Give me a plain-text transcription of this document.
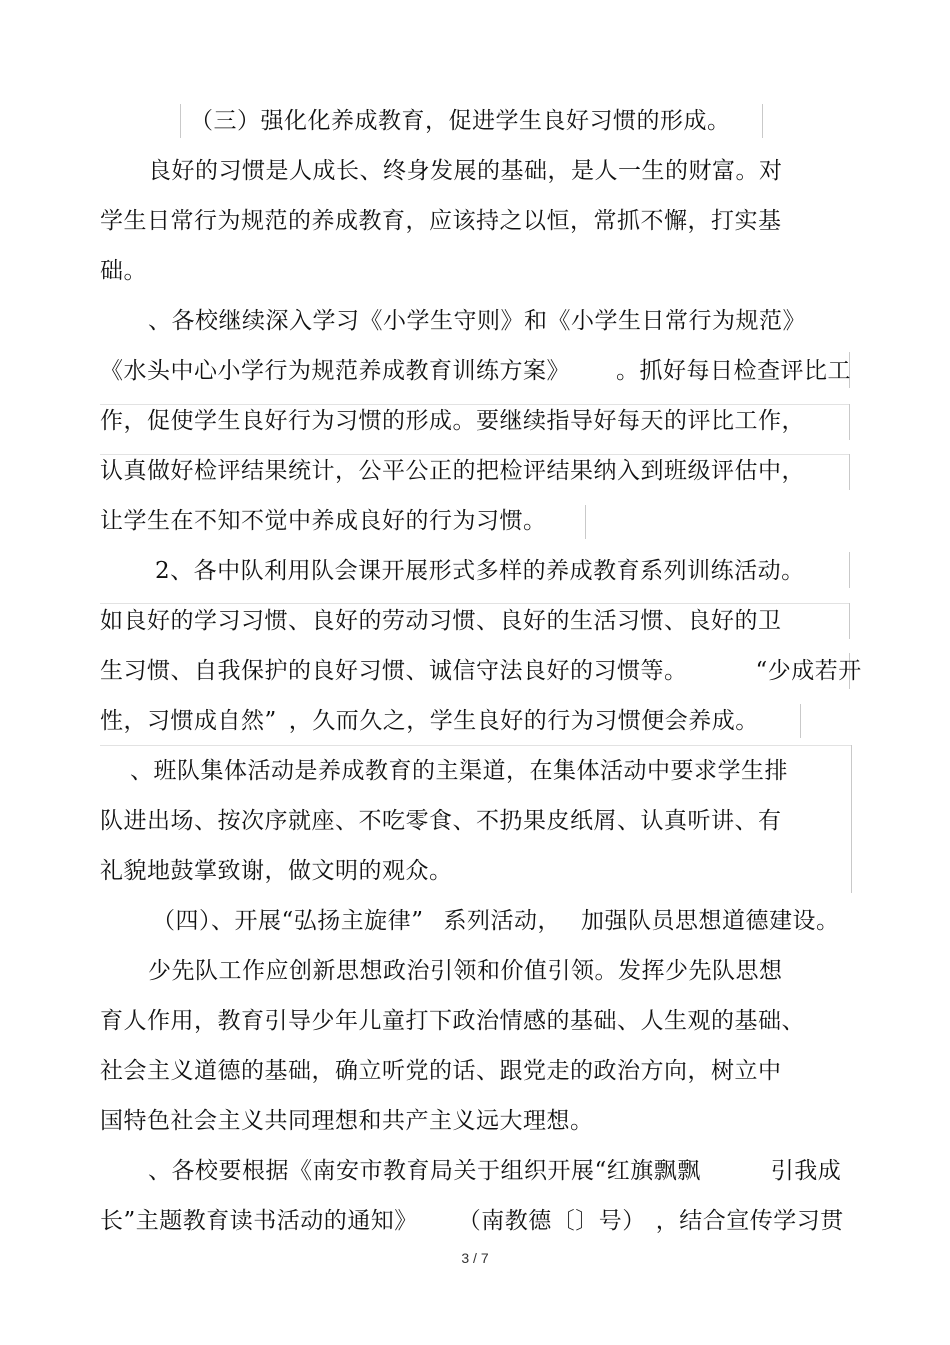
（三）强化化养成教育，促进学生良好习惯的形成。

良好的习惯是人成长、终身发展的基础，是人一生的财富。对

学生日常行为规范的养成教育，应该持之以恒，常抓不懈，打实基

础。

、各校继续深入学习《小学生守则》和《小学生日常行为规范》

《水头中心小学行为规范养成教育训练方案》 。抓好每日检查评比工

作，促使学生良好行为习惯的形成。要继续指导好每天的评比工作，

认真做好检评结果统计，公平公正的把检评结果纳入到班级评估中，

让学生在不知不觉中养成良好的行为习惯。

2、各中队利用队会课开展形式多样的养成教育系列训练活动。

如良好的学习习惯、良好的劳动习惯、良好的生活习惯、良好的卫

生习惯、自我保护的良好习惯、诚信守法良好的习惯等。	“少成若开

性，习惯成自然” ，久而久之，学生良好的行为习惯便会养成。

、班队集体活动是养成教育的主渠道，在集体活动中要求学生排

队进出场、按次序就座、不吃零食、不扔果皮纸屑、认真听讲、有

礼貌地鼓掌致谢，做文明的观众。

（四）、开展“弘扬主旋律” 系列活动， 加强队员思想道德建设。

少先队工作应创新思想政治引领和价值引领。发挥少先队思想

育人作用，教育引导少年儿童打下政治情感的基础、人生观的基础、

社会主义道德的基础，确立听党的话、跟党走的政治方向，树立中

国特色社会主义共同理想和共产主义远大理想。

、各校要根据《南安市教育局关于组织开展“红旗飘飘	引我成

长”主题教育读书活动的通知》 （南教德〔〕号） ，结合宣传学习贯

3 / 7
